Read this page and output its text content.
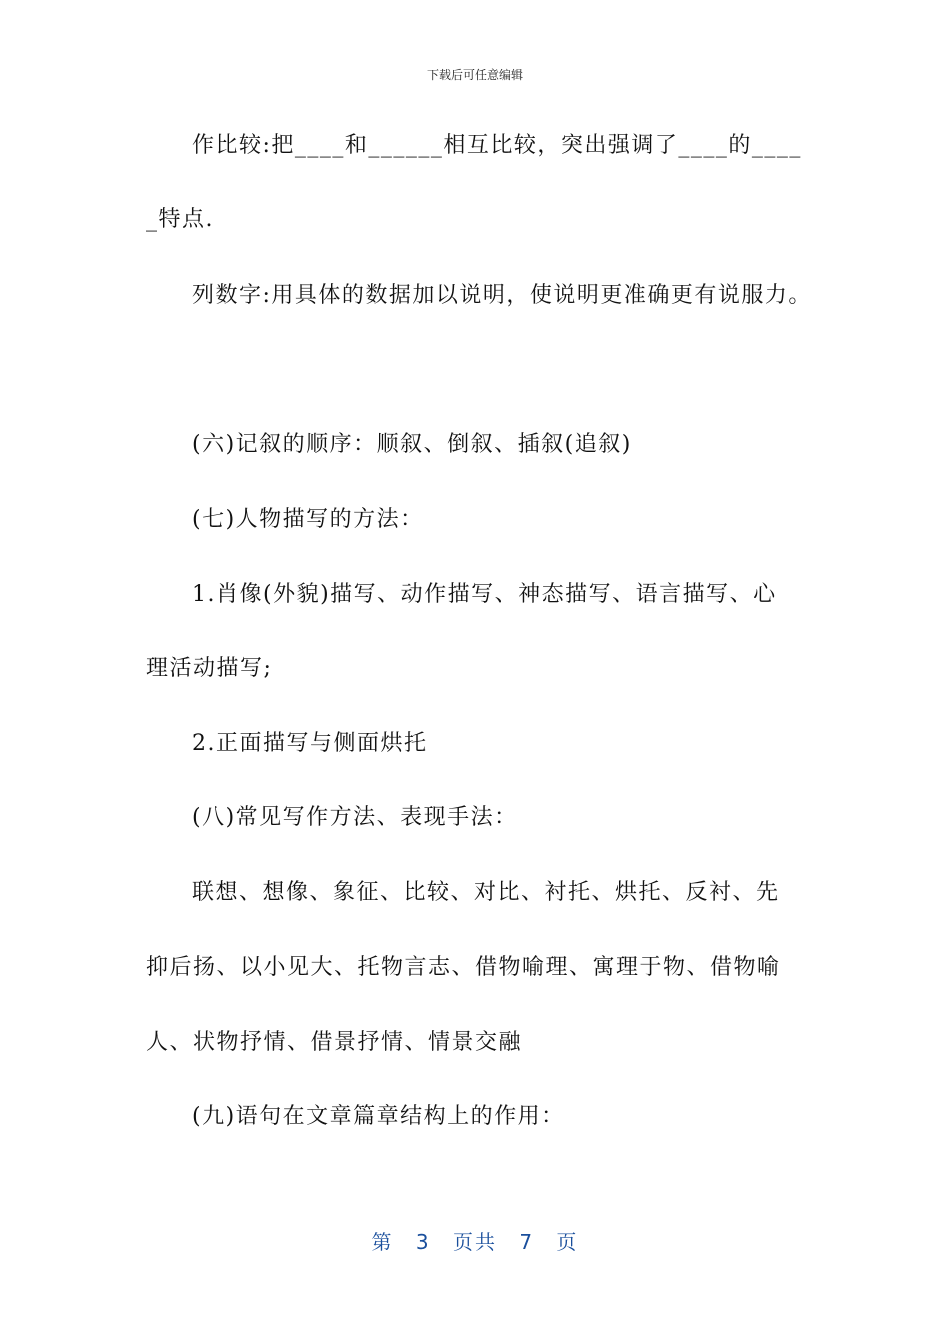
下载后可任意编辑
作比较:把____和______相互比较，突出强调了____的____
_特点.
列数字:用具体的数据加以说明，使说明更准确更有说服力。
(六)记叙的顺序：顺叙、倒叙、插叙(追叙)
(七)人物描写的方法：
1.肖像(外貌)描写、动作描写、神态描写、语言描写、心
理活动描写;
2.正面描写与侧面烘托
(八)常见写作方法、表现手法：
联想、想像、象征、比较、对比、衬托、烘托、反衬、先
抑后扬、以小见大、托物言志、借物喻理、寓理于物、借物喻
人、状物抒情、借景抒情、情景交融
(九)语句在文章篇章结构上的作用：
第 3 页共 7 页
